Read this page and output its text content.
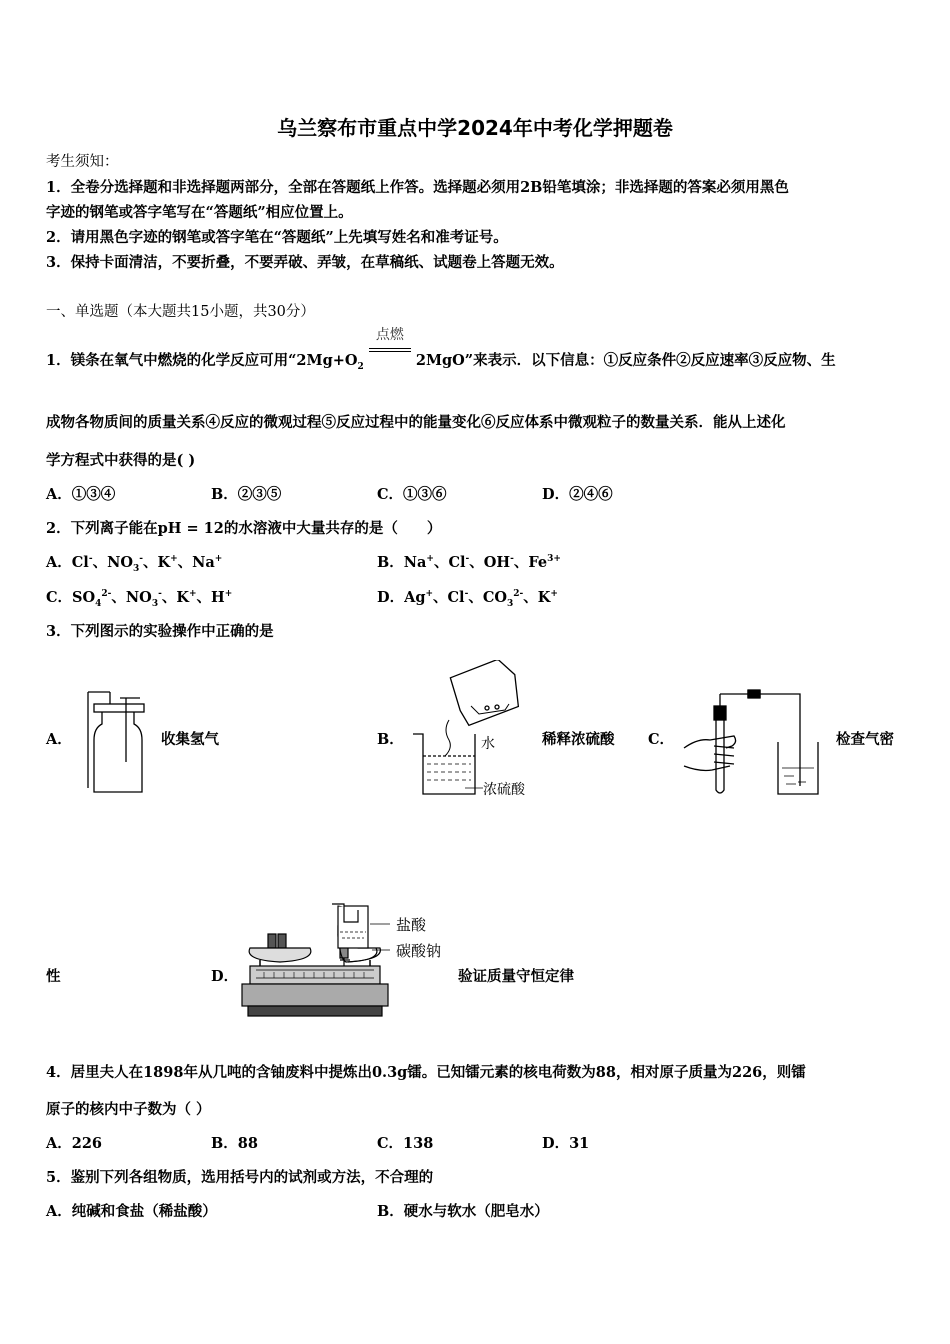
乌兰察布市重点中学2024年中考化学押题卷
考生须知：
1．全卷分选择题和非选择题两部分，全部在答题纸上作答。选择题必须用2B铅笔填涂；非选择题的答案必须用黑色
字迹的钢笔或答字笔写在“答题纸”相应位置上。
2．请用黑色字迹的钢笔或答字笔在“答题纸”上先填写姓名和准考证号。
3．保持卡面清洁，不要折叠，不要弄破、弄皱，在草稿纸、试题卷上答题无效。
一、单选题（本大题共15小题，共30分）
1．镁条在氧气中燃烧的化学反应可用“$2Mg+O_2$
点燃
2MgO”来表示．以下信息：①反应条件②反应速率③反应物、生
成物各物质间的质量关系④反应的微观过程⑤反应过程中的能量变化⑥反应体系中微观粒子的数量关系．能从上述化
学方程式中获得的是( )
A．①③④	B．②③⑤	C．①③⑥	D．②④⑥
2．下列离子能在pH = 12的水溶液中大量共存的是（　　）
A．Cl-、$NO_3^-$、K+、Na+	B．Na+、Cl-、OH-、$Fe^{3+}$
C．$SO_4^{2-}$、$NO_3^-$、K+、H+	D．Ag+、Cl-、$CO_3^{2-}$、K+
3．下列图示的实验操作中正确的是
A．	收集氢气	B．	水
浓硫酸
稀释浓硫酸 C．	检查气密
性	D．
盐酸
碳酸钠
验证质量守恒定律
4．居里夫人在1898年从几吨的含铀废料中提炼出0.3g镭。已知镭元素的核电荷数为88，相对原子质量为226，则镭
原子的核内中子数为（ ）
A．226	B．88	C．138	D．31
5．鉴别下列各组物质，选用括号内的试剂或方法，不合理的
A．纯碱和食盐（稀盐酸）	B．硬水与软水（肥皂水）
